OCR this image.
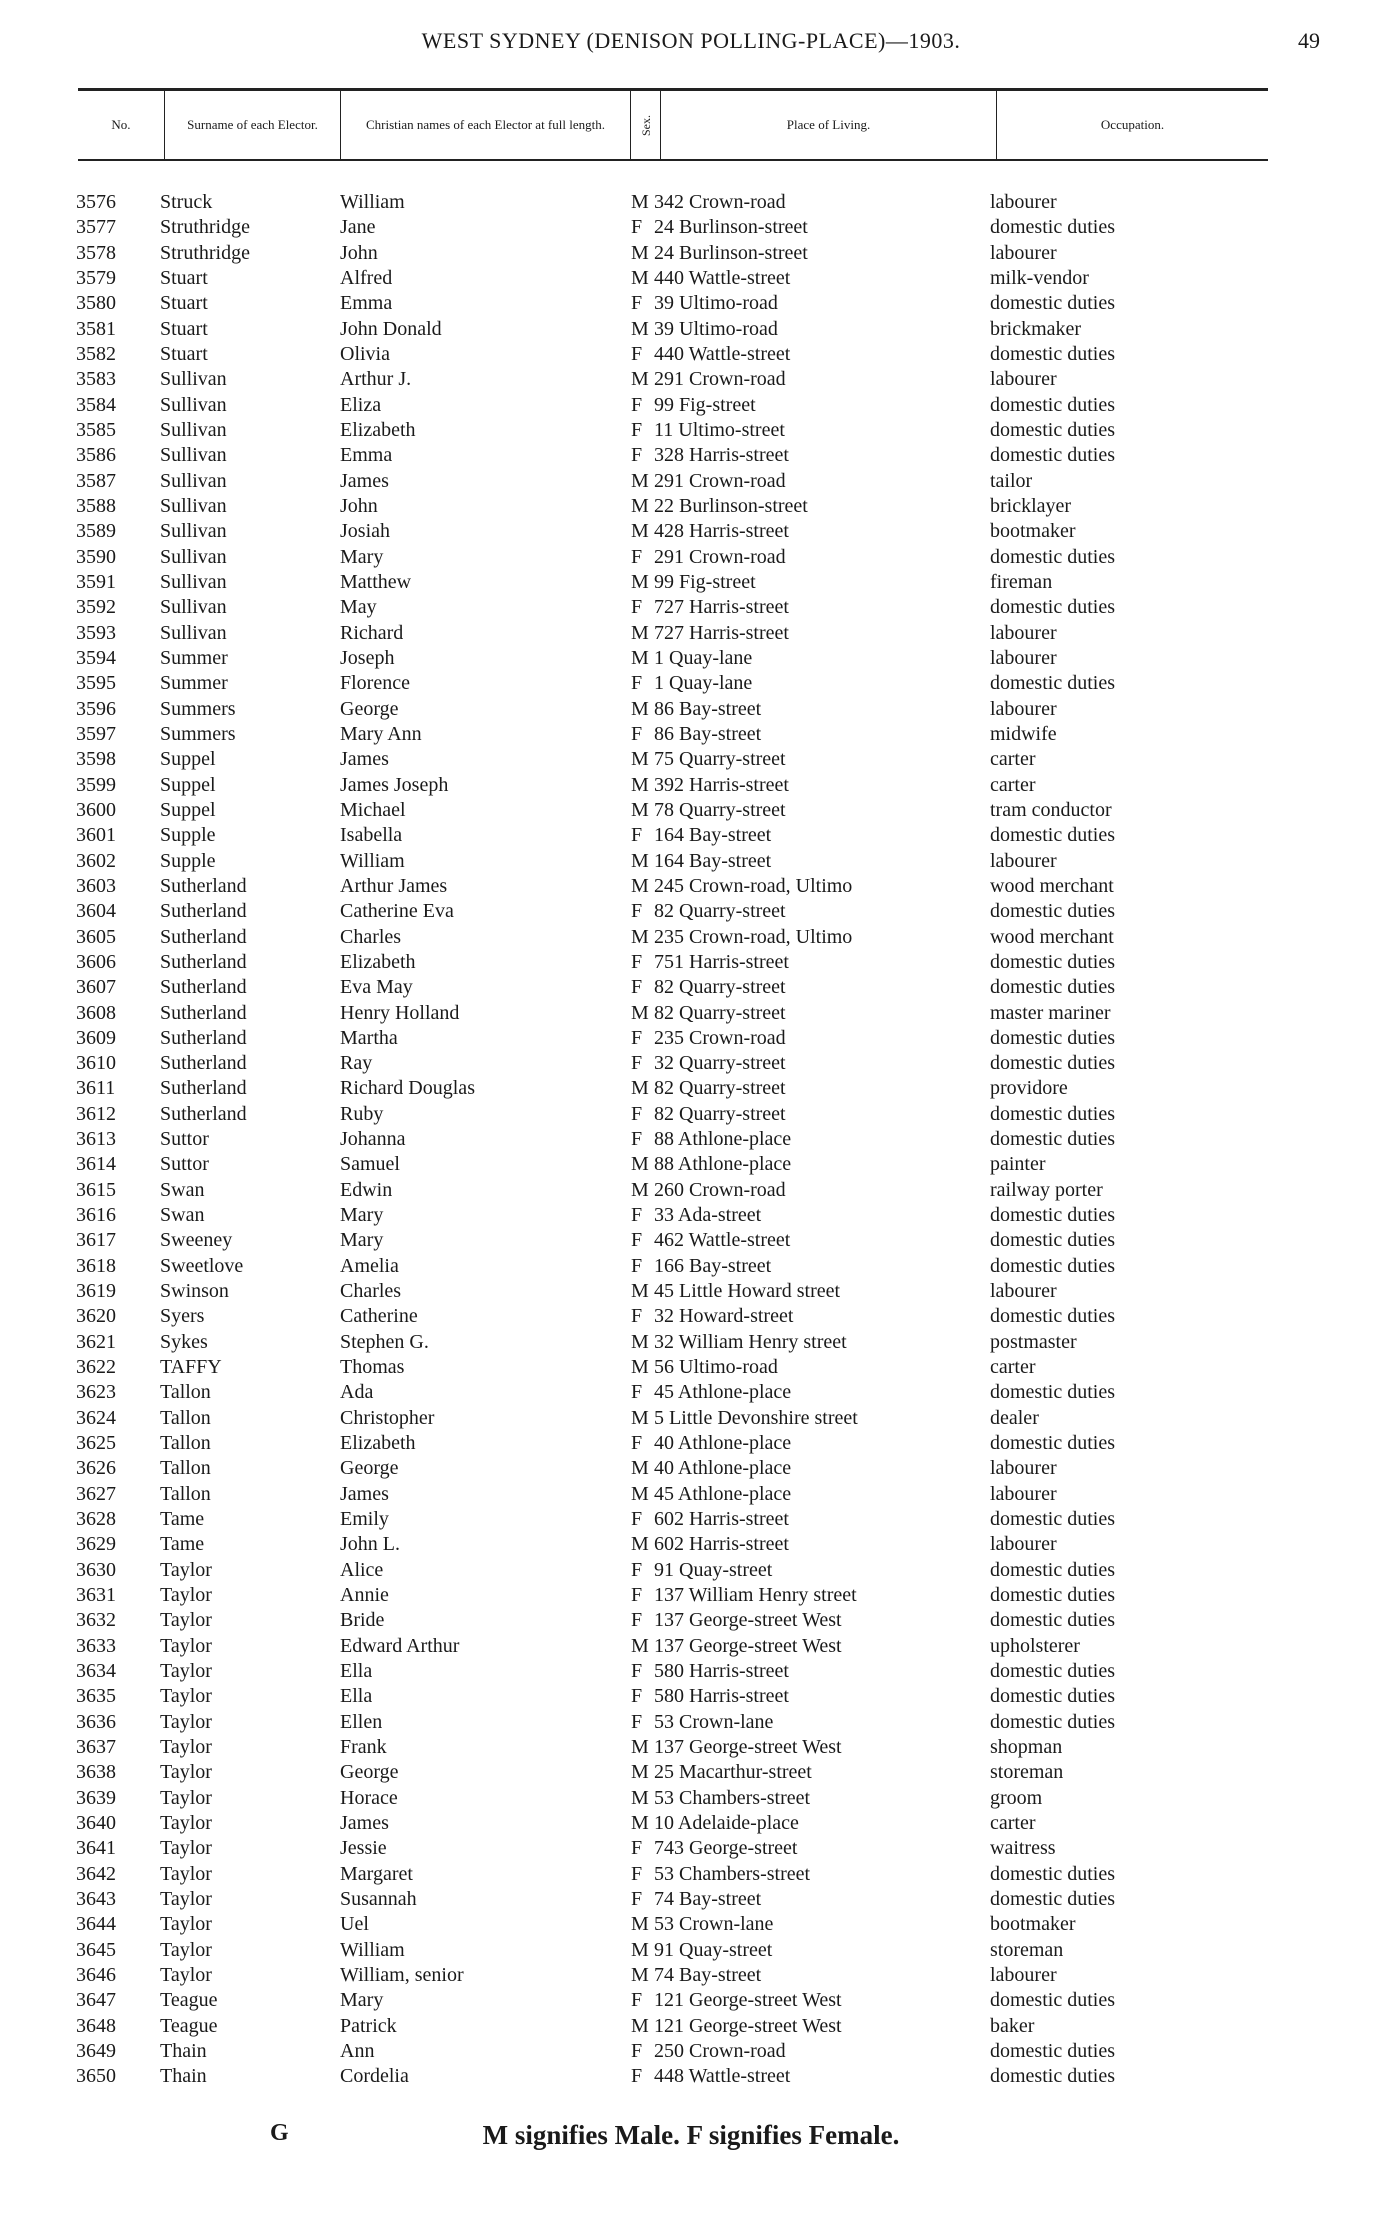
WEST SYDNEY (DENISON POLLING-PLACE)—1903.	49
No.	Surname of each Elector.	Christian names of each Elector at full length.	Sex.	Place of Living.	Occupation.
3576	Struck	William	M 342 Crown-road	labourer
3577	Struthridge	Jane	F 24 Burlinson-street	domestic duties
3578	Struthridge	John	M 24 Burlinson-street	labourer
3579	Stuart	Alfred	M 440 Wattle-street	milk-vendor
3580	Stuart	Emma	F 39 Ultimo-road	domestic duties
3581	Stuart	John Donald	M 39 Ultimo-road	brickmaker
3582	Stuart	Olivia	F 440 Wattle-street	domestic duties
3583	Sullivan	Arthur J.	M 291 Crown-road	labourer
3584	Sullivan	Eliza	F 99 Fig-street	domestic duties
3585	Sullivan	Elizabeth	F 11 Ultimo-street	domestic duties
3586	Sullivan	Emma	F 328 Harris-street	domestic duties
3587	Sullivan	James	M 291 Crown-road	tailor
3588	Sullivan	John	M 22 Burlinson-street	bricklayer
3589	Sullivan	Josiah	M 428 Harris-street	bootmaker
3590	Sullivan	Mary	F 291 Crown-road	domestic duties
3591	Sullivan	Matthew	M 99 Fig-street	fireman
3592	Sullivan	May	F 727 Harris-street	domestic duties
3593	Sullivan	Richard	M 727 Harris-street	labourer
3594	Summer	Joseph	M 1 Quay-lane	labourer
3595	Summer	Florence	F 1 Quay-lane	domestic duties
3596	Summers	George	M 86 Bay-street	labourer
3597	Summers	Mary Ann	F 86 Bay-street	midwife
3598	Suppel	James	M 75 Quarry-street	carter
3599	Suppel	James Joseph	M 392 Harris-street	carter
3600	Suppel	Michael	M 78 Quarry-street	tram conductor
3601	Supple	Isabella	F 164 Bay-street	domestic duties
3602	Supple	William	M 164 Bay-street	labourer
3603	Sutherland	Arthur James	M 245 Crown-road, Ultimo	wood merchant
3604	Sutherland	Catherine Eva	F 82 Quarry-street	domestic duties
3605	Sutherland	Charles	M 235 Crown-road, Ultimo	wood merchant
3606	Sutherland	Elizabeth	F 751 Harris-street	domestic duties
3607	Sutherland	Eva May	F 82 Quarry-street	domestic duties
3608	Sutherland	Henry Holland	M 82 Quarry-street	master mariner
3609	Sutherland	Martha	F 235 Crown-road	domestic duties
3610	Sutherland	Ray	F 32 Quarry-street	domestic duties
3611	Sutherland	Richard Douglas	M 82 Quarry-street	providore
3612	Sutherland	Ruby	F 82 Quarry-street	domestic duties
3613	Suttor	Johanna	F 88 Athlone-place	domestic duties
3614	Suttor	Samuel	M 88 Athlone-place	painter
3615	Swan	Edwin	M 260 Crown-road	railway porter
3616	Swan	Mary	F 33 Ada-street	domestic duties
3617	Sweeney	Mary	F 462 Wattle-street	domestic duties
3618	Sweetlove	Amelia	F 166 Bay-street	domestic duties
3619	Swinson	Charles	M 45 Little Howard street	labourer
3620	Syers	Catherine	F 32 Howard-street	domestic duties
3621	Sykes	Stephen G.	M 32 William Henry street	postmaster
3622	TAFFY	Thomas	M 56 Ultimo-road	carter
3623	Tallon	Ada	F 45 Athlone-place	domestic duties
3624	Tallon	Christopher	M 5 Little Devonshire street	dealer
3625	Tallon	Elizabeth	F 40 Athlone-place	domestic duties
3626	Tallon	George	M 40 Athlone-place	labourer
3627	Tallon	James	M 45 Athlone-place	labourer
3628	Tame	Emily	F 602 Harris-street	domestic duties
3629	Tame	John L.	M 602 Harris-street	labourer
3630	Taylor	Alice	F 91 Quay-street	domestic duties
3631	Taylor	Annie	F 137 William Henry street	domestic duties
3632	Taylor	Bride	F 137 George-street West	domestic duties
3633	Taylor	Edward Arthur	M 137 George-street West	upholsterer
3634	Taylor	Ella	F 580 Harris-street	domestic duties
3635	Taylor	Ella	F 580 Harris-street	domestic duties
3636	Taylor	Ellen	F 53 Crown-lane	domestic duties
3637	Taylor	Frank	M 137 George-street West	shopman
3638	Taylor	George	M 25 Macarthur-street	storeman
3639	Taylor	Horace	M 53 Chambers-street	groom
3640	Taylor	James	M 10 Adelaide-place	carter
3641	Taylor	Jessie	F 743 George-street	waitress
3642	Taylor	Margaret	F 53 Chambers-street	domestic duties
3643	Taylor	Susannah	F 74 Bay-street	domestic duties
3644	Taylor	Uel	M 53 Crown-lane	bootmaker
3645	Taylor	William	M 91 Quay-street	storeman
3646	Taylor	William, senior	M 74 Bay-street	labourer
3647	Teague	Mary	F 121 George-street West	domestic duties
3648	Teague	Patrick	M 121 George-street West	baker
3649	Thain	Ann	F 250 Crown-road	domestic duties
3650	Thain	Cordelia	F 448 Wattle-street	domestic duties
G	M signifies Male. F signifies Female.
